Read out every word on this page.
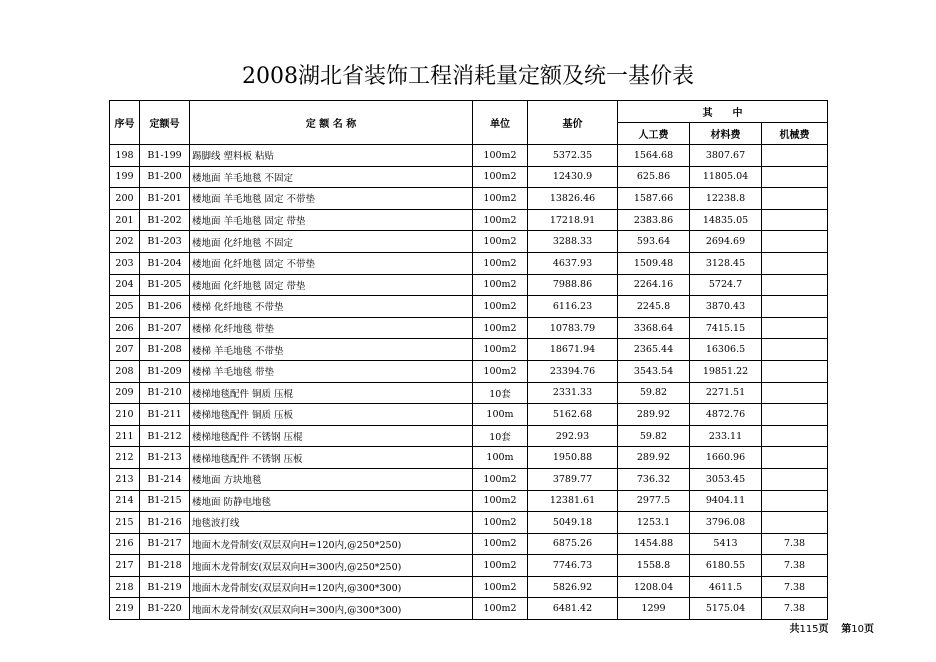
2008湖北省装饰工程消耗量定额及统一基价表
序号	定额号	定 额 名 称	单位	基价	其　　中		
					人工费	材料费	机械费
198	B1-199	踢脚线 塑料板 粘贴	100m2	5372.35	1564.68	3807.67	
199	B1-200	楼地面 羊毛地毯 不固定	100m2	12430.9	625.86	11805.04	
200	B1-201	楼地面 羊毛地毯 固定 不带垫	100m2	13826.46	1587.66	12238.8	
201	B1-202	楼地面 羊毛地毯 固定 带垫	100m2	17218.91	2383.86	14835.05	
202	B1-203	楼地面 化纤地毯 不固定	100m2	3288.33	593.64	2694.69	
203	B1-204	楼地面 化纤地毯 固定 不带垫	100m2	4637.93	1509.48	3128.45	
204	B1-205	楼地面 化纤地毯 固定 带垫	100m2	7988.86	2264.16	5724.7	
205	B1-206	楼梯 化纤地毯 不带垫	100m2	6116.23	2245.8	3870.43	
206	B1-207	楼梯 化纤地毯 带垫	100m2	10783.79	3368.64	7415.15	
207	B1-208	楼梯 羊毛地毯 不带垫	100m2	18671.94	2365.44	16306.5	
208	B1-209	楼梯 羊毛地毯 带垫	100m2	23394.76	3543.54	19851.22	
209	B1-210	楼梯地毯配件 铜质 压棍	10套	2331.33	59.82	2271.51	
210	B1-211	楼梯地毯配件 铜质 压板	100m	5162.68	289.92	4872.76	
211	B1-212	楼梯地毯配件 不锈钢 压棍	10套	292.93	59.82	233.11	
212	B1-213	楼梯地毯配件 不锈钢 压板	100m	1950.88	289.92	1660.96	
213	B1-214	楼地面 方块地毯	100m2	3789.77	736.32	3053.45	
214	B1-215	楼地面 防静电地毯	100m2	12381.61	2977.5	9404.11	
215	B1-216	地毯波打线	100m2	5049.18	1253.1	3796.08	
216	B1-217	地面木龙骨制安(双层双向H=120内,@250*250)	100m2	6875.26	1454.88	5413	7.38
217	B1-218	地面木龙骨制安(双层双向H=300内,@250*250)	100m2	7746.73	1558.8	6180.55	7.38
218	B1-219	地面木龙骨制安(双层双向H=120内,@300*300)	100m2	5826.92	1208.04	4611.5	7.38
219	B1-220	地面木龙骨制安(双层双向H=300内,@300*300)	100m2	6481.42	1299	5175.04	7.38
共115页 第10页
